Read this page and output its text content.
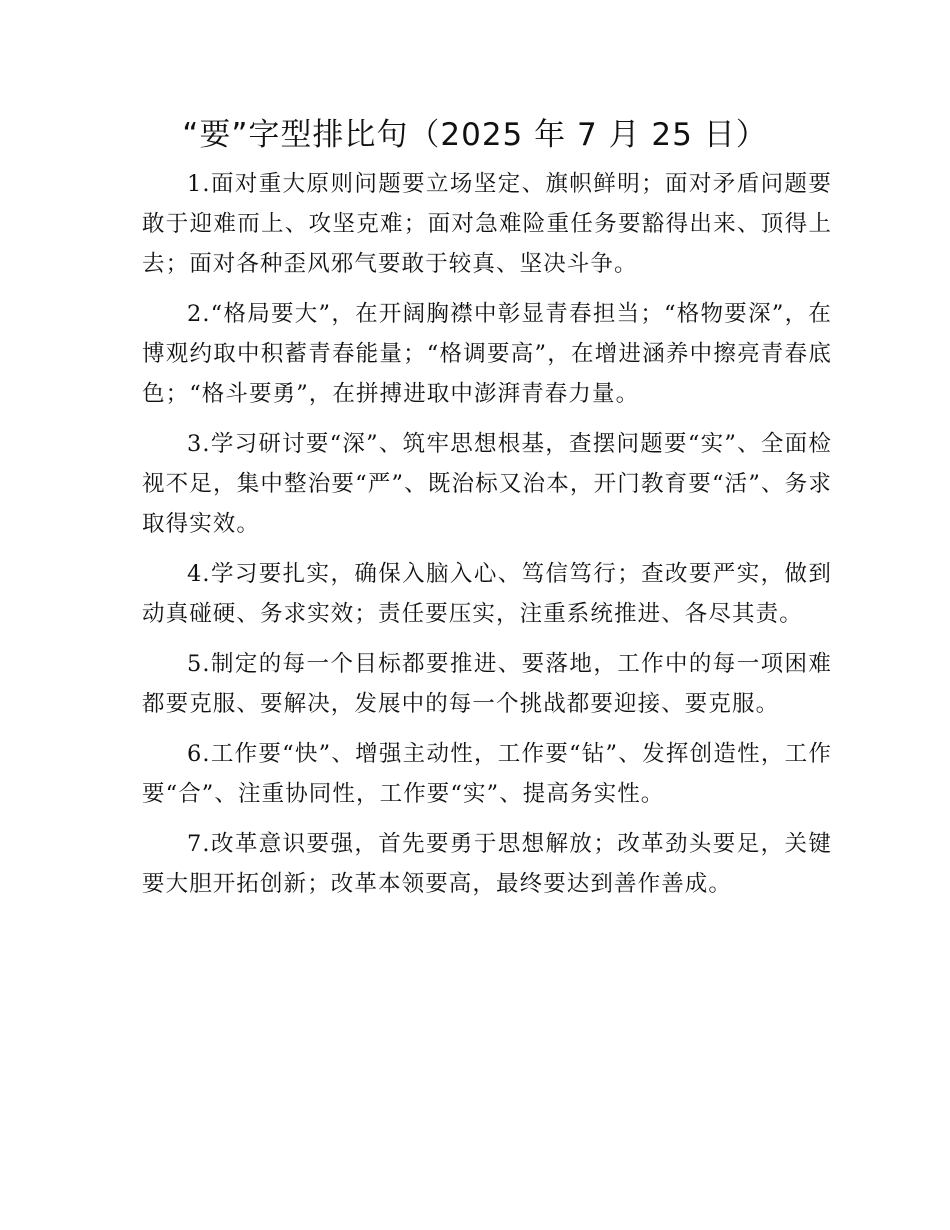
“要”字型排比句（2025 年 7 月 25 日）

1.面对重大原则问题要立场坚定、旗帜鲜明；面对矛盾问题要敢于迎难而上、攻坚克难；面对急难险重任务要豁得出来、顶得上去；面对各种歪风邪气要敢于较真、坚决斗争。

2.“格局要大”，在开阔胸襟中彰显青春担当；“格物要深”，在博观约取中积蓄青春能量；“格调要高”，在增进涵养中擦亮青春底色；“格斗要勇”，在拼搏进取中澎湃青春力量。

3.学习研讨要“深”、筑牢思想根基，查摆问题要“实”、全面检视不足，集中整治要“严”、既治标又治本，开门教育要“活”、务求取得实效。

4.学习要扎实，确保入脑入心、笃信笃行；查改要严实，做到动真碰硬、务求实效；责任要压实，注重系统推进、各尽其责。

5.制定的每一个目标都要推进、要落地，工作中的每一项困难都要克服、要解决，发展中的每一个挑战都要迎接、要克服。

6.工作要“快”、增强主动性，工作要“钻”、发挥创造性，工作要“合”、注重协同性，工作要“实”、提高务实性。

7.改革意识要强，首先要勇于思想解放；改革劲头要足，关键要大胆开拓创新；改革本领要高，最终要达到善作善成。
